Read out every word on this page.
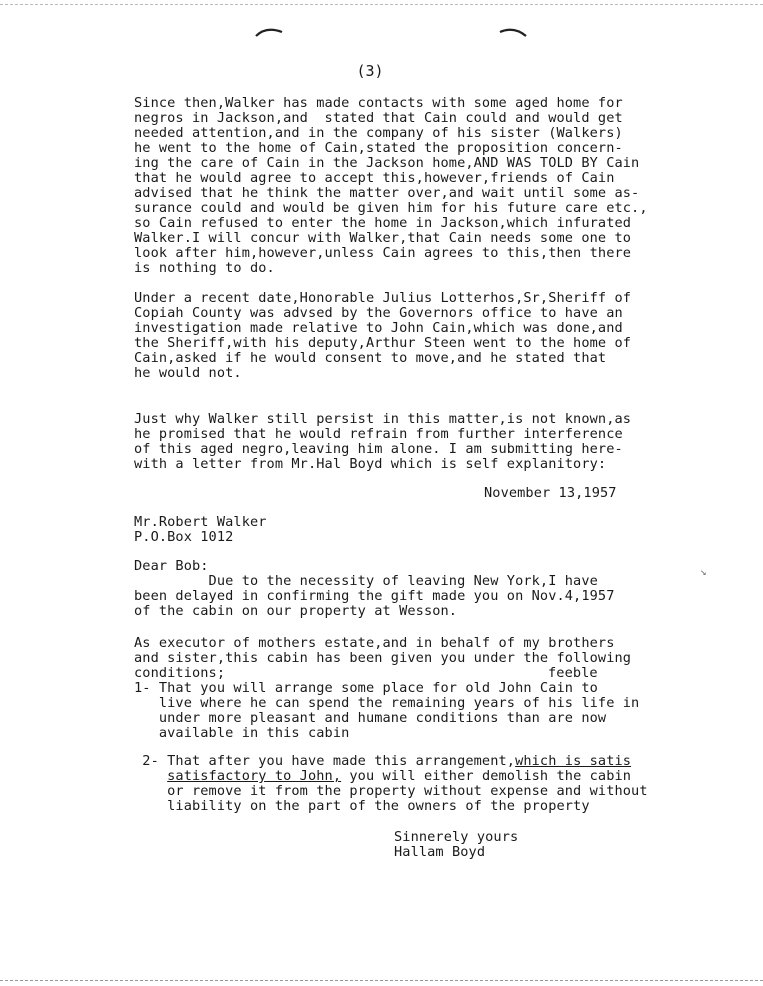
(3)
Since then,Walker has made contacts with some aged home for
negros in Jackson,and  stated that Cain could and would get
needed attention,and in the company of his sister (Walkers)
he went to the home of Cain,stated the proposition concern-
ing the care of Cain in the Jackson home,AND WAS TOLD BY Cain
that he would agree to accept this,however,friends of Cain
advised that he think the matter over,and wait until some as-
surance could and would be given him for his future care etc.,
so Cain refused to enter the home in Jackson,which infurated
Walker.I will concur with Walker,that Cain needs some one to
look after him,however,unless Cain agrees to this,then there
is nothing to do.
Under a recent date,Honorable Julius Lotterhos,Sr,Sheriff of
Copiah County was advsed by the Governors office to have an
investigation made relative to John Cain,which was done,and
the Sheriff,with his deputy,Arthur Steen went to the home of
Cain,asked if he would consent to move,and he stated that
he would not.
Just why Walker still persist in this matter,is not known,as
he promised that he would refrain from further interference
of this aged negro,leaving him alone. I am submitting here-
with a letter from Mr.Hal Boyd which is self explanitory:
November 13,1957
Mr.Robert Walker
P.O.Box 1012
Dear Bob:
Due to the necessity of leaving New York,I have
been delayed in confirming the gift made you on Nov.4,1957
of the cabin on our property at Wesson.
↘
As executor of mothers estate,and in behalf of my brothers
and sister,this cabin has been given you under the following
conditions;	feeble
1- That you will arrange some place for old John Cain to
live where he can spend the remaining years of his life in
under more pleasant and humane conditions than are now
available in this cabin
2- That after you have made this arrangement,which is satis
satisfactory to John, you will either demolish the cabin
or remove it from the property without expense and without
liability on the part of the owners of the property
Sinnerely yours
Hallam Boyd
